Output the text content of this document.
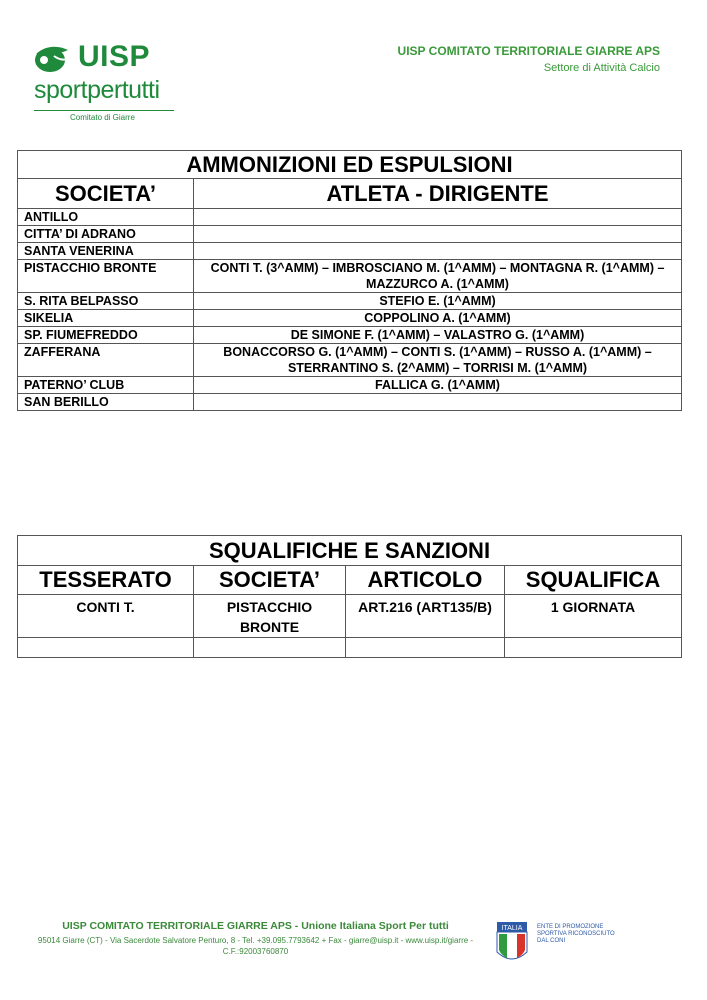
UISP
sportpertutti
Comitato di Giarre
UISP COMITATO TERRITORIALE GIARRE APS
Settore di Attività Calcio
AMMONIZIONI ED ESPULSIONI	
SOCIETA’	ATLETA - DIRIGENTE
ANTILLO	
CITTA’ DI ADRANO	
SANTA VENERINA	
PISTACCHIO BRONTE	CONTI T. (3^AMM) – IMBROSCIANO M. (1^AMM) – MONTAGNA R. (1^AMM) – MAZZURCO A. (1^AMM)
S. RITA BELPASSO	STEFIO E. (1^AMM)
SIKELIA	COPPOLINO A. (1^AMM)
SP. FIUMEFREDDO	DE SIMONE F. (1^AMM) – VALASTRO G. (1^AMM)
ZAFFERANA	BONACCORSO G. (1^AMM) – CONTI S. (1^AMM) – RUSSO A. (1^AMM) – STERRANTINO S. (2^AMM) – TORRISI M. (1^AMM)
PATERNO’ CLUB	FALLICA G. (1^AMM)
SAN BERILLO	
SQUALIFICHE E SANZIONI			
TESSERATO	SOCIETA’	ARTICOLO	SQUALIFICA
CONTI T.	PISTACCHIO BRONTE	ART.216 (ART135/B)	1 GIORNATA

UISP COMITATO TERRITORIALE GIARRE APS - Unione Italiana Sport Per tutti
95014 Giarre (CT) - Via Sacerdote Salvatore Penturo, 8 - Tel. +39.095.7793642 + Fax - giarre@uisp.it - www.uisp.it/giarre - C.F.:92003760870
ITALIA ENTE DI PROMOZIONE SPORTIVA RICONOSCIUTO DAL CONI
